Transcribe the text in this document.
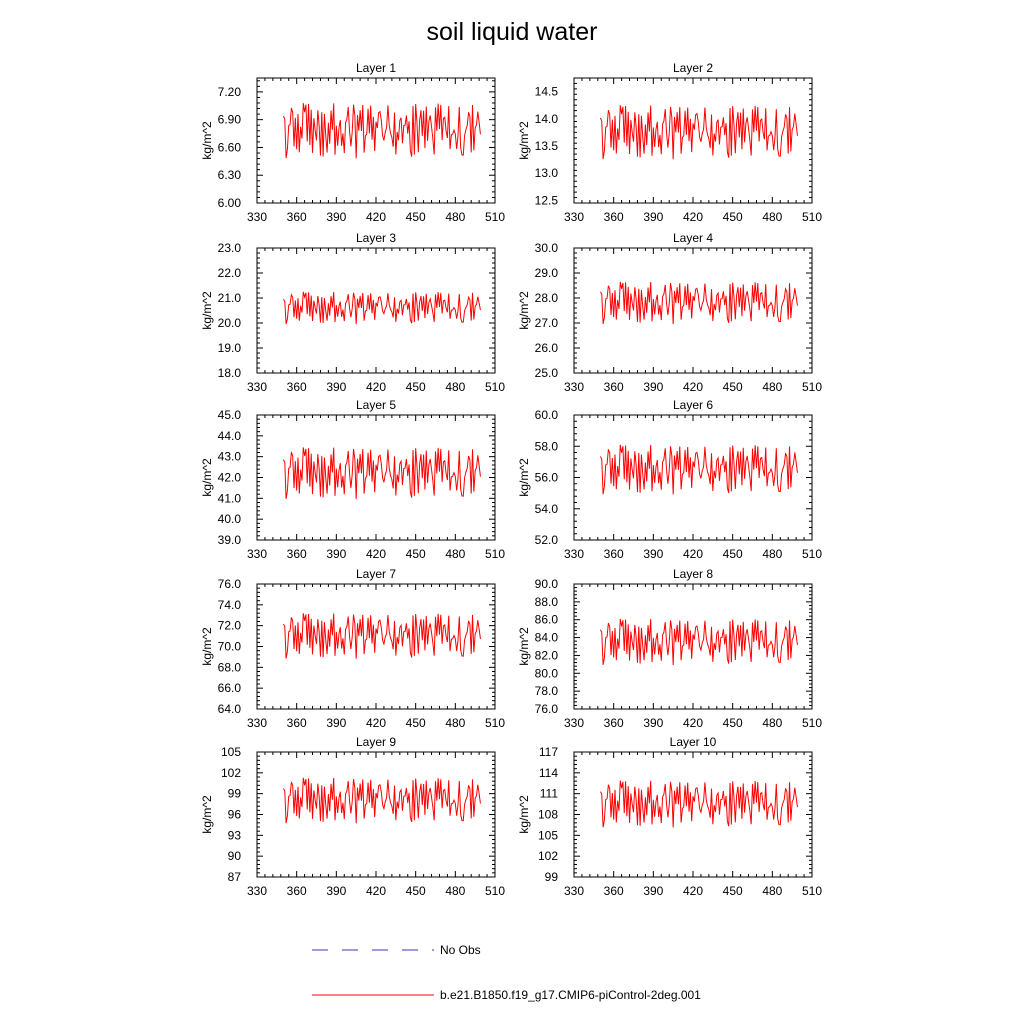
soil liquid water
Layer 1
kg/m^2
330 360 390 420 450 480 510
6.00
6.30
6.60
6.90
7.20
Layer 2
kg/m^2
330 360 390 420 450 480 510
12.5
13.0
13.5
14.0
14.5
Layer 3
kg/m^2
330 360 390 420 450 480 510
18.0
19.0
20.0
21.0
22.0
23.0
Layer 4
kg/m^2
330 360 390 420 450 480 510
25.0
26.0
27.0
28.0
29.0
30.0
Layer 5
kg/m^2
330 360 390 420 450 480 510
39.0
40.0
41.0
42.0
43.0
44.0
45.0
Layer 6
kg/m^2
330 360 390 420 450 480 510
52.0
54.0
56.0
58.0
60.0
Layer 7
kg/m^2
330 360 390 420 450 480 510
64.0
66.0
68.0
70.0
72.0
74.0
76.0
Layer 8
kg/m^2
330 360 390 420 450 480 510
76.0
78.0
80.0
82.0
84.0
86.0
88.0
90.0
Layer 9
kg/m^2
330 360 390 420 450 480 510
87
90
93
96
99
102
105
Layer 10
kg/m^2
330 360 390 420 450 480 510
99
102
105
108
111
114
117
No Obs
b.e21.B1850.f19_g17.CMIP6-piControl-2deg.001
